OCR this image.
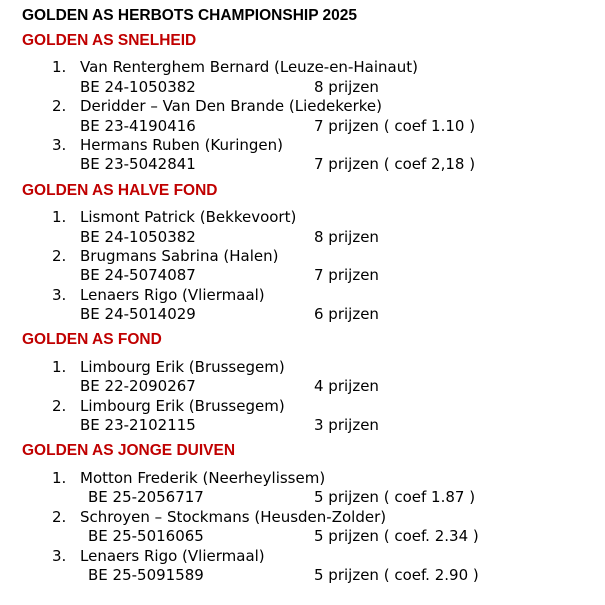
GOLDEN AS HERBOTS CHAMPIONSHIP 2025
GOLDEN AS SNELHEID
1. Van Renterghem Bernard (Leuze-en-Hainaut)
BE 24-1050382	8 prijzen
2. Deridder – Van Den Brande (Liedekerke)
BE 23-4190416	7 prijzen ( coef 1.10 )
3. Hermans Ruben (Kuringen)
BE 23-5042841	7 prijzen ( coef 2,18 )
GOLDEN AS HALVE FOND
1. Lismont Patrick (Bekkevoort)
BE 24-1050382	8 prijzen
2. Brugmans Sabrina (Halen)
BE 24-5074087	7 prijzen
3. Lenaers Rigo (Vliermaal)
BE 24-5014029	6 prijzen
GOLDEN AS FOND
1. Limbourg Erik (Brussegem)
BE 22-2090267	4 prijzen
2. Limbourg Erik (Brussegem)
BE 23-2102115	3 prijzen
GOLDEN AS JONGE DUIVEN
1. Motton Frederik (Neerheylissem)
BE 25-2056717	5 prijzen ( coef 1.87 )
2. Schroyen – Stockmans (Heusden-Zolder)
BE 25-5016065	5 prijzen ( coef. 2.34 )
3. Lenaers Rigo (Vliermaal)
BE 25-5091589	5 prijzen ( coef. 2.90 )
